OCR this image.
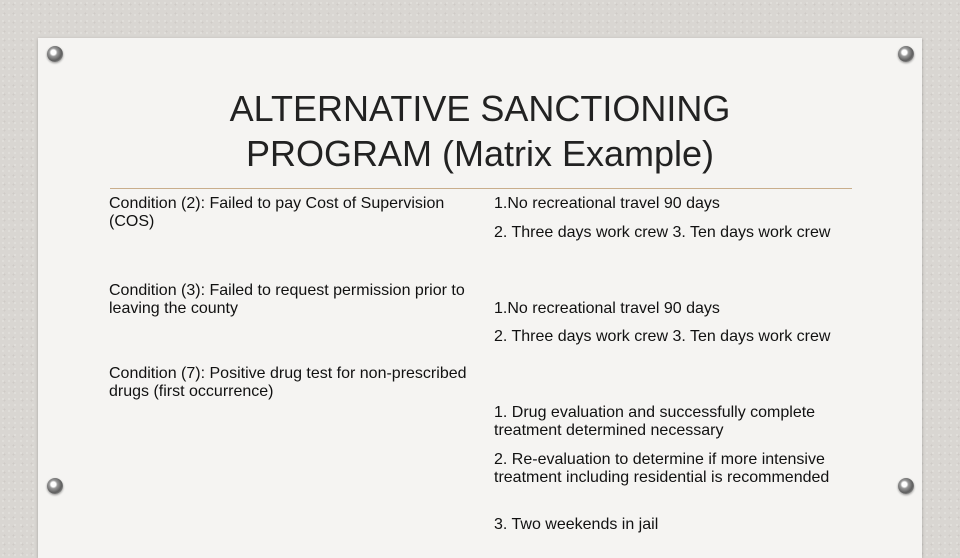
ALTERNATIVE SANCTIONING
PROGRAM (Matrix Example)

Condition (2): Failed to pay Cost of Supervision (COS)

Condition (3): Failed to request permission prior to leaving the county

Condition (7): Positive drug test for non-prescribed drugs (first occurrence)

1.No recreational travel 90 days

2. Three days work crew 3. Ten days work crew

1.No recreational travel 90 days

2. Three days work crew 3. Ten days work crew

1. Drug evaluation and successfully complete treatment determined necessary

2. Re-evaluation to determine if more intensive treatment including residential is recommended

3. Two weekends in jail
